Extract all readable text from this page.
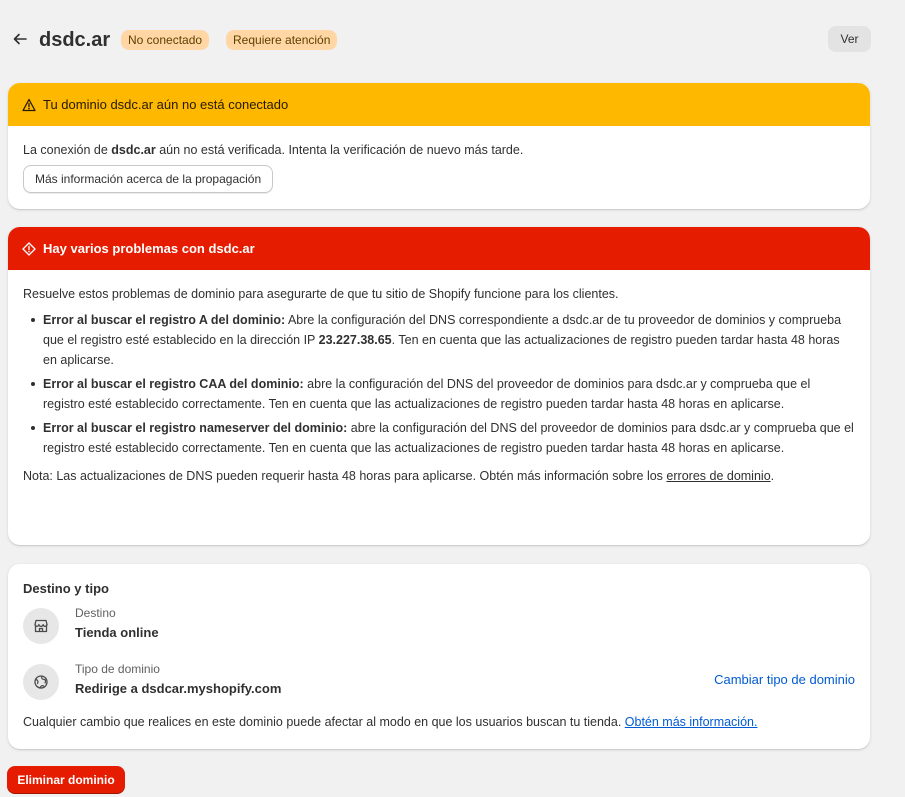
dsdc.ar	No conectado	Requiere atención	Ver
Tu dominio dsdc.ar aún no está conectado
La conexión de dsdc.ar aún no está verificada. Intenta la verificación de nuevo más tarde.
Más información acerca de la propagación
Hay varios problemas con dsdc.ar
Resuelve estos problemas de dominio para asegurarte de que tu sitio de Shopify funcione para los clientes.
Error al buscar el registro A del dominio: Abre la configuración del DNS correspondiente a dsdc.ar de tu proveedor de dominios y comprueba que el registro esté establecido en la dirección IP 23.227.38.65. Ten en cuenta que las actualizaciones de registro pueden tardar hasta 48 horas en aplicarse.
Error al buscar el registro CAA del dominio: abre la configuración del DNS del proveedor de dominios para dsdc.ar y comprueba que el registro esté establecido correctamente. Ten en cuenta que las actualizaciones de registro pueden tardar hasta 48 horas en aplicarse.
Error al buscar el registro nameserver del dominio: abre la configuración del DNS del proveedor de dominios para dsdc.ar y comprueba que el registro esté establecido correctamente. Ten en cuenta que las actualizaciones de registro pueden tardar hasta 48 horas en aplicarse.
Nota: Las actualizaciones de DNS pueden requerir hasta 48 horas para aplicarse. Obtén más información sobre los errores de dominio.
Destino y tipo
Destino
Tienda online
Tipo de dominio
Redirige a dsdcar.myshopify.com
Cambiar tipo de dominio
Cualquier cambio que realices en este dominio puede afectar al modo en que los usuarios buscan tu tienda. Obtén más información.
Eliminar dominio
